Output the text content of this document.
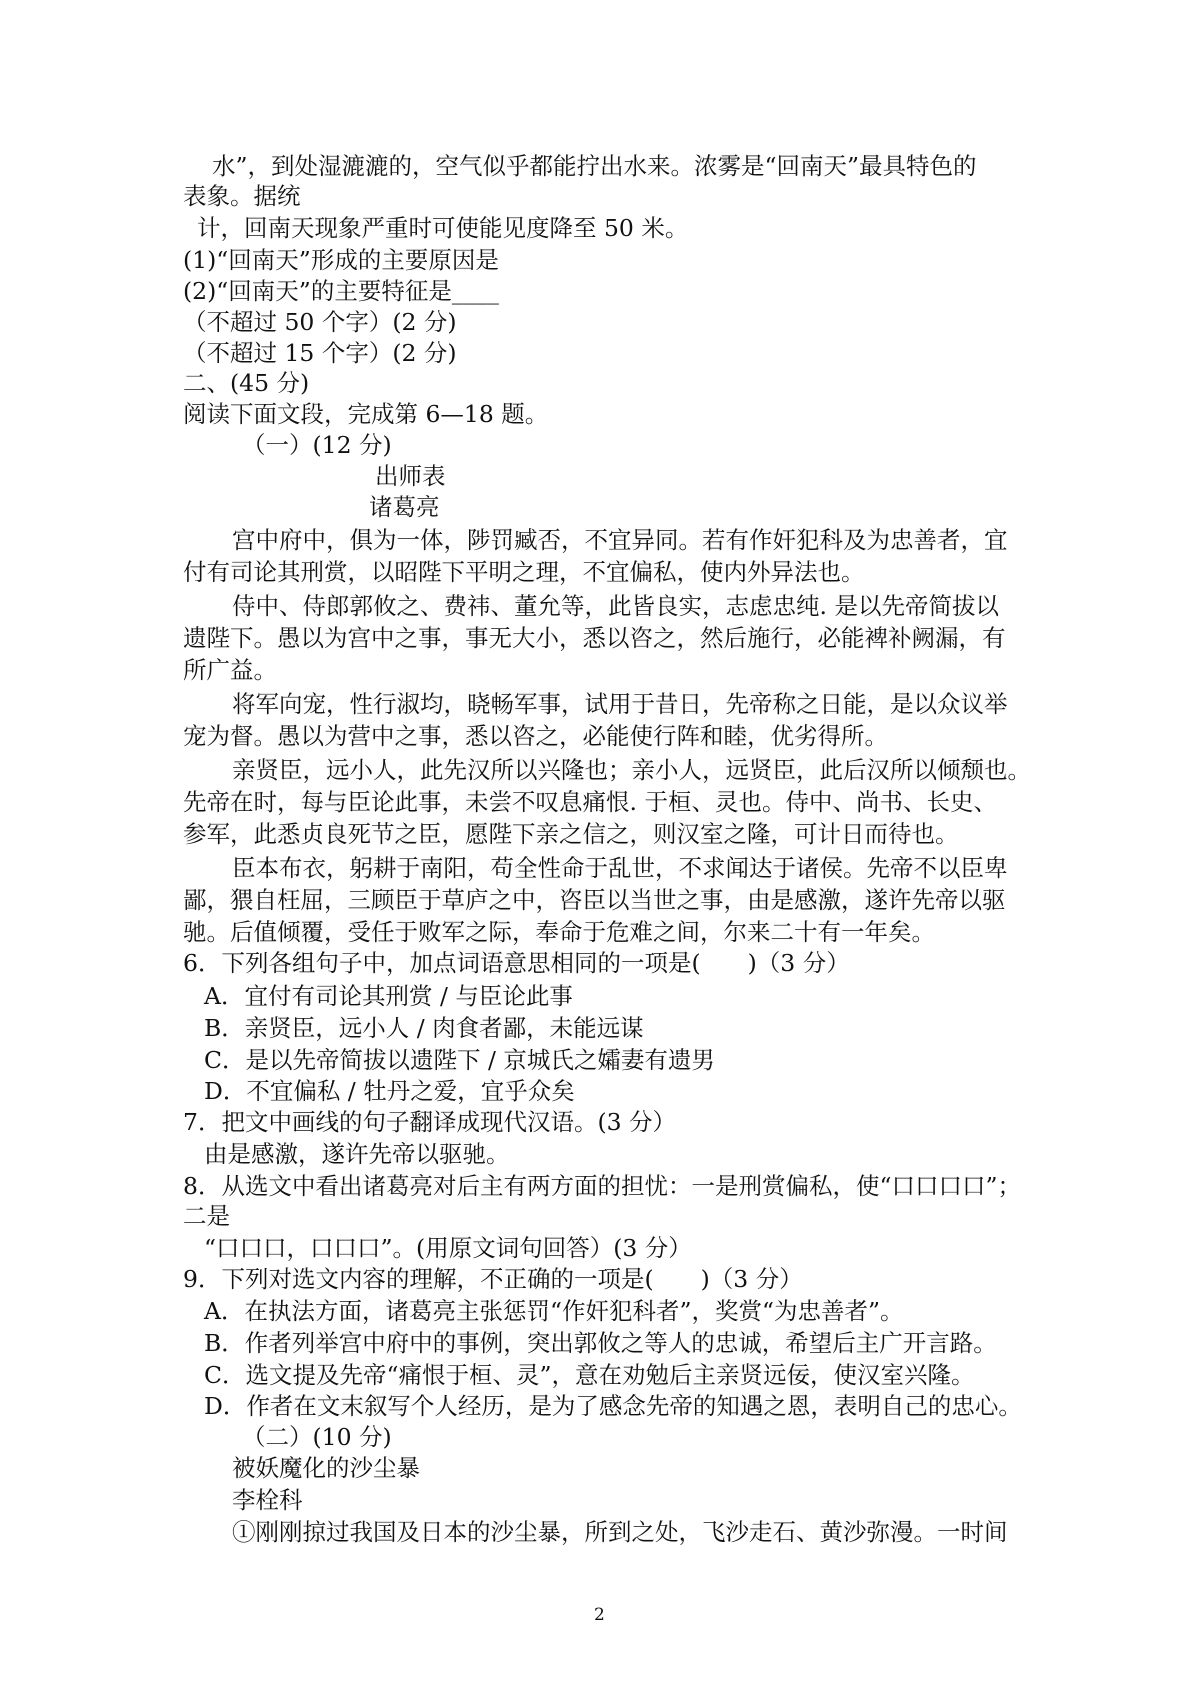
水”，到处湿漉漉的，空气似乎都能拧出水来。浓雾是“回南天”最具特色的
表象。据统
计，回南天现象严重时可使能见度降至 50 米。
(1)“回南天”形成的主要原因是
(2)“回南天”的主要特征是____
（不超过 50 个字）(2 分)
（不超过 15 个字）(2 分)
二、(45 分)
阅读下面文段，完成第 6—18 题。
（一）(12 分)
出师表
诸葛亮
宫中府中，俱为一体，陟罚臧否，不宜异同。若有作奸犯科及为忠善者，宜
付有司论其刑赏，以昭陛下平明之理，不宜偏私，使内外异法也。
侍中、侍郎郭攸之、费祎、董允等，此皆良实，志虑忠纯. 是以先帝简拔以
遗陛下。愚以为宫中之事，事无大小，悉以咨之，然后施行，必能裨补阙漏，有
所广益。
将军向宠，性行淑均，晓畅军事，试用于昔日，先帝称之日能，是以众议举
宠为督。愚以为营中之事，悉以咨之，必能使行阵和睦，优劣得所。
亲贤臣，远小人，此先汉所以兴隆也；亲小人，远贤臣，此后汉所以倾颓也。
先帝在时，每与臣论此事，未尝不叹息痛恨. 于桓、灵也。侍中、尚书、长史、
参军，此悉贞良死节之臣，愿陛下亲之信之，则汉室之隆，可计日而待也。
臣本布衣，躬耕于南阳，苟全性命于乱世，不求闻达于诸侯。先帝不以臣卑
鄙，猥自枉屈，三顾臣于草庐之中，咨臣以当世之事，由是感激，遂许先帝以驱
驰。后值倾覆，受任于败军之际，奉命于危难之间，尔来二十有一年矣。
6．下列各组句子中，加点词语意思相同的一项是(　　)（3 分）
A．宜付有司论其刑赏 / 与臣论此事
B．亲贤臣，远小人 / 肉食者鄙，未能远谋
C．是以先帝简拔以遗陛下 / 京城氏之孀妻有遗男
D．不宜偏私 / 牡丹之爱，宜乎众矣
7．把文中画线的句子翻译成现代汉语。(3 分）
由是感激，遂许先帝以驱驰。
8．从选文中看出诸葛亮对后主有两方面的担忧：一是刑赏偏私，使“口口口口”；
二是
“口口口，口口口”。(用原文词句回答）(3 分）
9．下列对选文内容的理解，不正确的一项是(　　)（3 分）
A．在执法方面，诸葛亮主张惩罚“作奸犯科者”，奖赏“为忠善者”。
B．作者列举宫中府中的事例，突出郭攸之等人的忠诚，希望后主广开言路。
C．选文提及先帝“痛恨于桓、灵”，意在劝勉后主亲贤远佞，使汉室兴隆。
D．作者在文末叙写个人经历，是为了感念先帝的知遇之恩，表明自己的忠心。
（二）(10 分)
被妖魔化的沙尘暴
李栓科
①刚刚掠过我国及日本的沙尘暴，所到之处，飞沙走石、黄沙弥漫。一时间
2
